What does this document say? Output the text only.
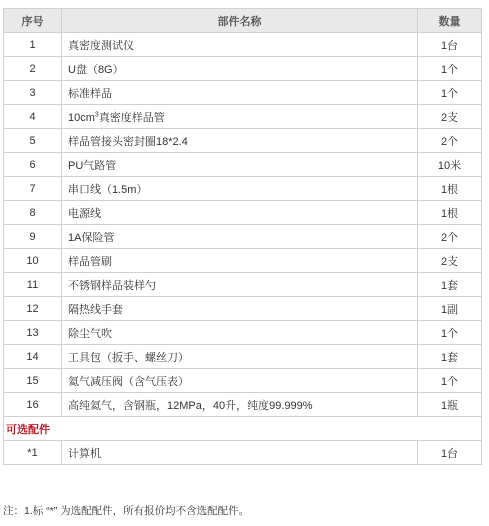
序号	部件名称	数量
1	真密度测试仪	1台
2	U盘（8G）	1个
3	标准样品	1个
4	$10cm^3$真密度样品管	2支
5	样品管接头密封圈18*2.4	2个
6	PU气路管	10米
7	串口线（1.5m）	1根
8	电源线	1根
9	1A保险管	2个
10	样品管刷	2支
11	不锈钢样品装样勺	1套
12	隔热线手套	1副
13	除尘气吹	1个
14	工具包（扳手、螺丝刀）	1套
15	氦气减压阀（含气压表）	1个
16	高纯氦气，含钢瓶，12MPa，40升，纯度99.999%	1瓶
可选配件		
*1	计算机	1台
注：1.标 “*” 为选配配件，所有报价均不含选配配件。
